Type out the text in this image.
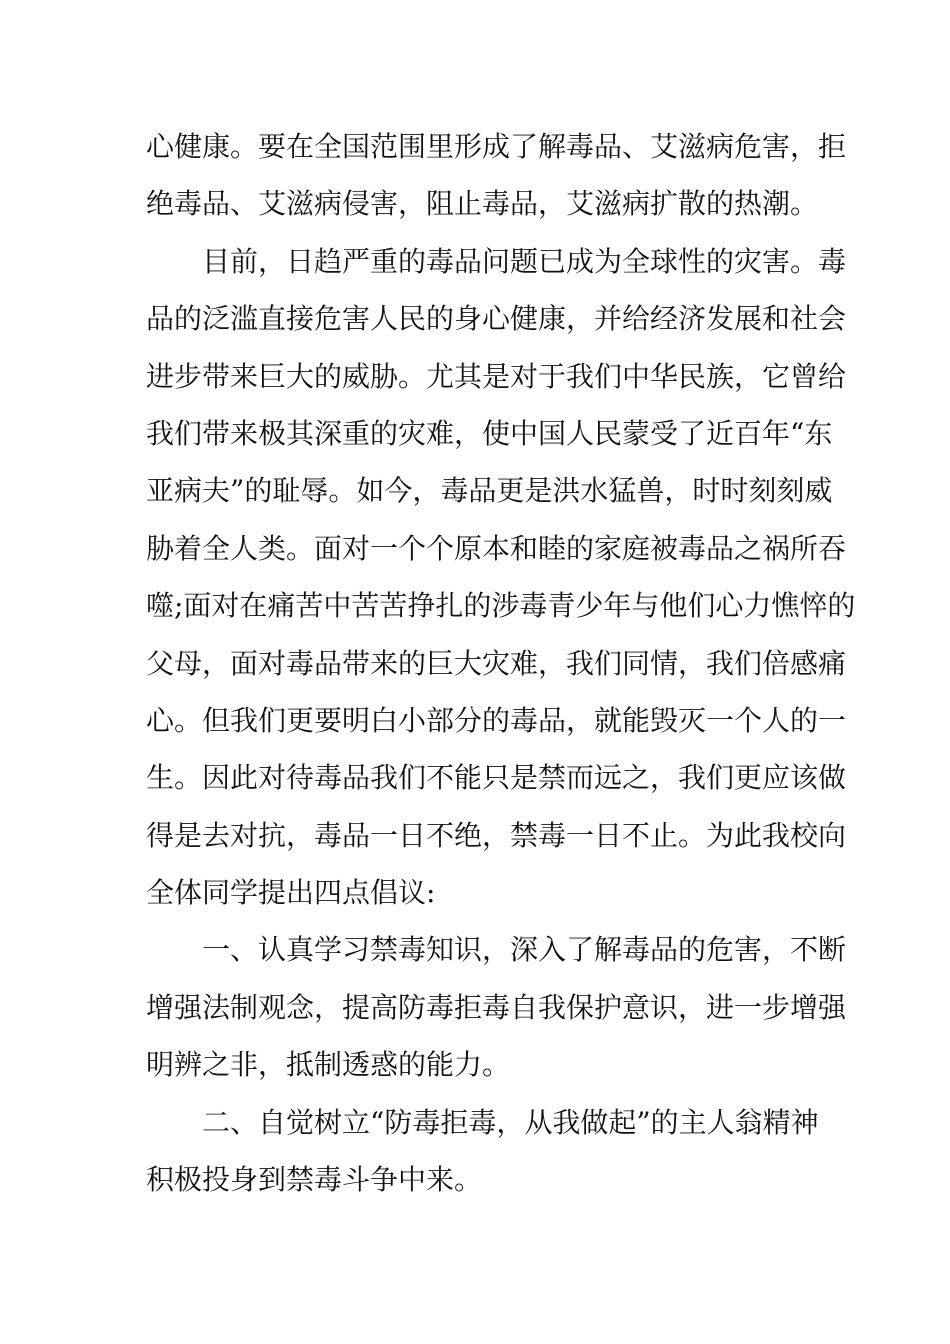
心健康。要在全国范围里形成了解毒品、艾滋病危害，拒
绝毒品、艾滋病侵害，阻止毒品，艾滋病扩散的热潮。
目前，日趋严重的毒品问题已成为全球性的灾害。毒
品的泛滥直接危害人民的身心健康，并给经济发展和社会
进步带来巨大的威胁。尤其是对于我们中华民族，它曾给
我们带来极其深重的灾难，使中国人民蒙受了近百年“东
亚病夫”的耻辱。如今，毒品更是洪水猛兽，时时刻刻威
胁着全人类。面对一个个原本和睦的家庭被毒品之祸所吞
噬;面对在痛苦中苦苦挣扎的涉毒青少年与他们心力憔悴的
父母，面对毒品带来的巨大灾难，我们同情，我们倍感痛
心。但我们更要明白小部分的毒品，就能毁灭一个人的一
生。因此对待毒品我们不能只是禁而远之，我们更应该做
得是去对抗，毒品一日不绝，禁毒一日不止。为此我校向
全体同学提出四点倡议:
一、认真学习禁毒知识，深入了解毒品的危害，不断
增强法制观念，提高防毒拒毒自我保护意识，进一步增强
明辨之非，抵制透惑的能力。
二、自觉树立“防毒拒毒，从我做起”的主人翁精神
积极投身到禁毒斗争中来。
